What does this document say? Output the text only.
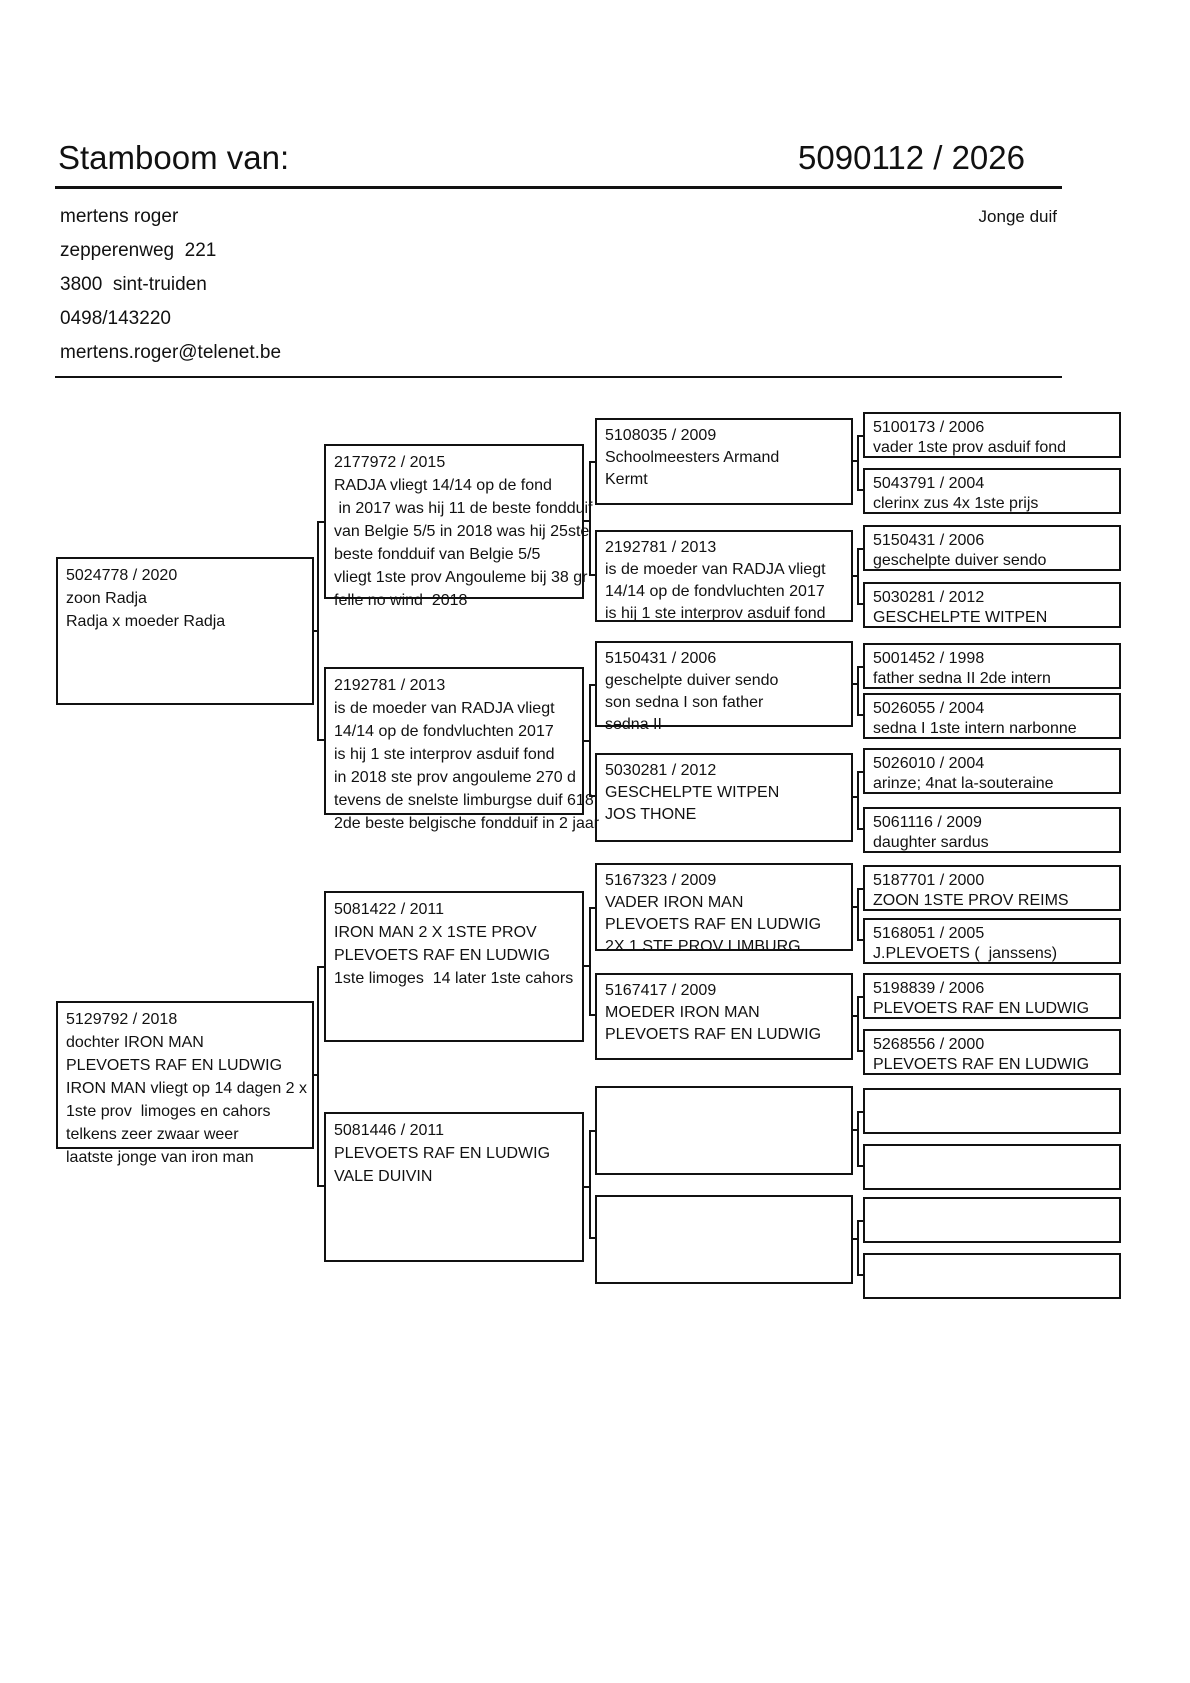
Stamboom van:	5090112 / 2026
mertens roger
zepperenweg  221
3800  sint-truiden
0498/143220
mertens.roger@telenet.be
Jonge duif
5024778 / 2020
zoon Radja
Radja x moeder Radja
5129792 / 2018
dochter IRON MAN
PLEVOETS RAF EN LUDWIG
IRON MAN vliegt op 14 dagen 2 x
1ste prov  limoges en cahors
telkens zeer zwaar weer
laatste jonge van iron man
2177972 / 2015
RADJA vliegt 14/14 op de fond
in 2017 was hij 11 de beste fondduif
van Belgie 5/5 in 2018 was hij 25ste
beste fondduif van Belgie 5/5
vliegt 1ste prov Angouleme bij 38 gr
felle no wind  2018
2192781 / 2013
is de moeder van RADJA vliegt
14/14 op de fondvluchten 2017
is hij 1 ste interprov asduif fond
in 2018 ste prov angouleme 270 d
tevens de snelste limburgse duif 618
2de beste belgische fondduif in 2 jaar
5081422 / 2011
IRON MAN 2 X 1STE PROV
PLEVOETS RAF EN LUDWIG
1ste limoges  14 later 1ste cahors
5081446 / 2011
PLEVOETS RAF EN LUDWIG
VALE DUIVIN
5108035 / 2009
Schoolmeesters Armand
Kermt
2192781 / 2013
is de moeder van RADJA vliegt
14/14 op de fondvluchten 2017
is hij 1 ste interprov asduif fond
5150431 / 2006
geschelpte duiver sendo
son sedna I son father
sedna II
5030281 / 2012
GESCHELPTE WITPEN
JOS THONE
5167323 / 2009
VADER IRON MAN
PLEVOETS RAF EN LUDWIG
2X 1 STE PROV LIMBURG
5167417 / 2009
MOEDER IRON MAN
PLEVOETS RAF EN LUDWIG
5100173 / 2006
vader 1ste prov asduif fond
5043791 / 2004
clerinx zus 4x 1ste prijs
5150431 / 2006
geschelpte duiver sendo
5030281 / 2012
GESCHELPTE WITPEN
5001452 / 1998
father sedna II 2de intern
5026055 / 2004
sedna I 1ste intern narbonne
5026010 / 2004
arinze; 4nat la-souteraine
5061116 / 2009
daughter sardus
5187701 / 2000
ZOON 1STE PROV REIMS
5168051 / 2005
J.PLEVOETS (  janssens)
5198839 / 2006
PLEVOETS RAF EN LUDWIG
5268556 / 2000
PLEVOETS RAF EN LUDWIG
